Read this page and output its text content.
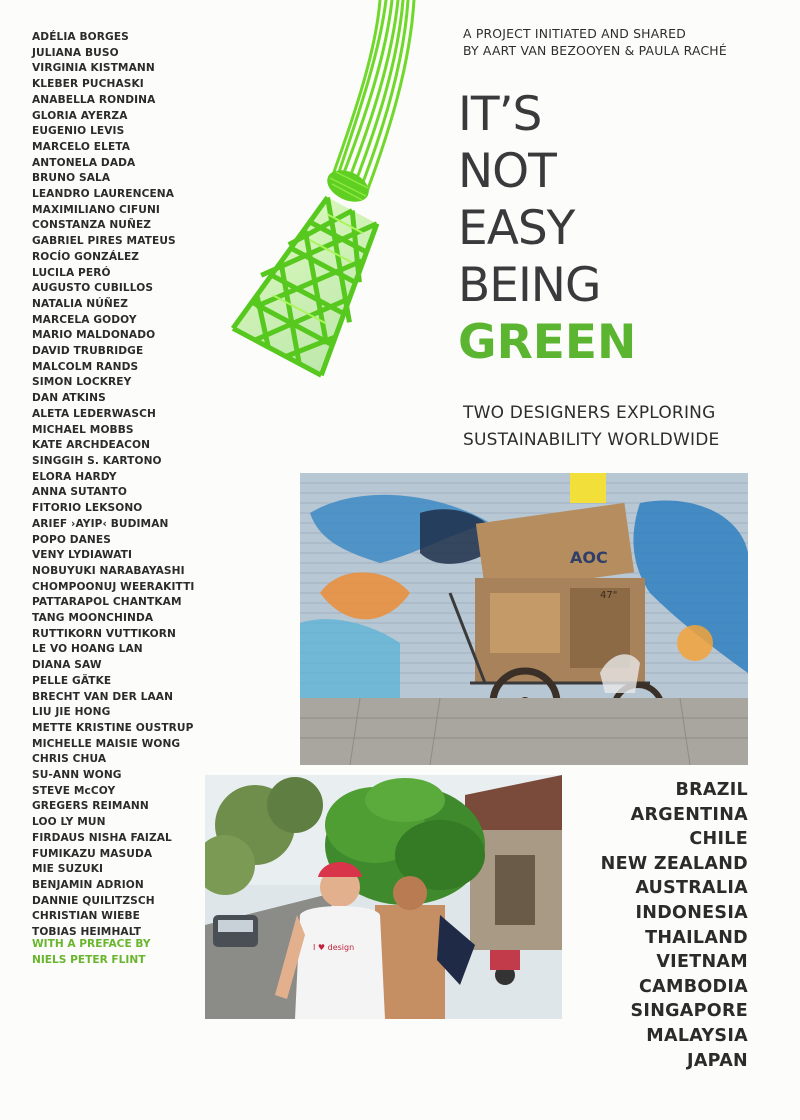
ADÉLIA BORGES
JULIANA BUSO
VIRGINIA KISTMANN
KLEBER PUCHASKI
ANABELLA RONDINA
GLORIA AYERZA
EUGENIO LEVIS
MARCELO ELETA
ANTONELA DADA
BRUNO SALA
LEANDRO LAURENCENA
MAXIMILIANO CIFUNI
CONSTANZA NUÑEZ
GABRIEL PIRES MATEUS
ROCÍO GONZÁLEZ
LUCILA PERÓ
AUGUSTO CUBILLOS
NATALIA NÚÑEZ
MARCELA GODOY
MARIO MALDONADO
DAVID TRUBRIDGE
MALCOLM RANDS
SIMON LOCKREY
DAN ATKINS
ALETA LEDERWASCH
MICHAEL MOBBS
KATE ARCHDEACON
SINGGIH S. KARTONO
ELORA HARDY
ANNA SUTANTO
FITORIO LEKSONO
ARIEF ›AYIP‹ BUDIMAN
POPO DANES
VENY LYDIAWATI
NOBUYUKI NARABAYASHI
CHOMPOONUJ WEERAKITTI
PATTARAPOL CHANTKAM
TANG MOONCHINDA
RUTTIKORN VUTTIKORN
LE VO HOANG LAN
DIANA SAW
PELLE GÄTKE
BRECHT VAN DER LAAN
LIU JIE HONG
METTE KRISTINE OUSTRUP
MICHELLE MAISIE WONG
CHRIS CHUA
SU-ANN WONG
STEVE McCOY
GREGERS REIMANN
LOO LY MUN
FIRDAUS NISHA FAIZAL
FUMIKAZU MASUDA
MIE SUZUKI
BENJAMIN ADRION
DANNIE QUILITZSCH
CHRISTIAN WIEBE
TOBIAS HEIMHALT
WITH A PREFACE BY
NIELS PETER FLINT
A PROJECT INITIATED AND SHARED
BY AART VAN BEZOOYEN & PAULA RACHÉ
IT’S
NOT
EASY
BEING
GREEN
TWO DESIGNERS EXPLORING
SUSTAINABILITY WORLDWIDE
AOC
47"
I ♥ design
BRAZIL
ARGENTINA
CHILE
NEW ZEALAND
AUSTRALIA
INDONESIA
THAILAND
VIETNAM
CAMBODIA
SINGAPORE
MALAYSIA
JAPAN
